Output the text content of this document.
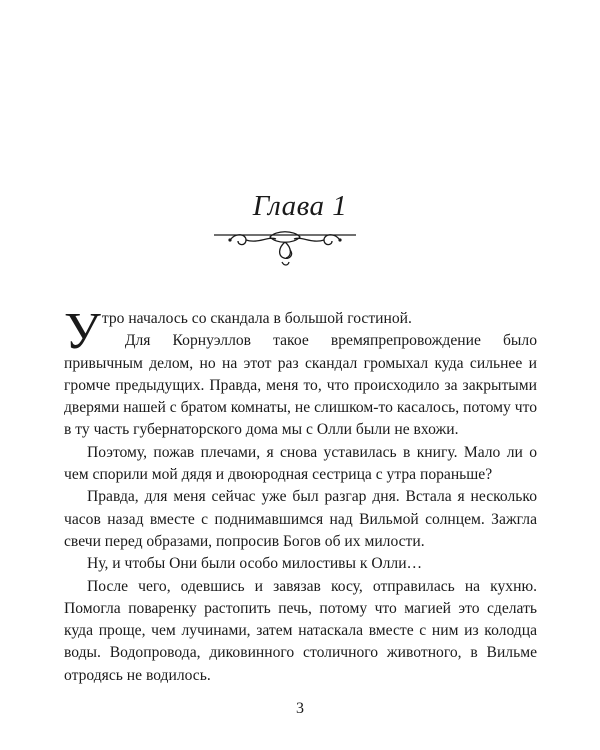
Глава 1

Утро началось со скандала в большой гостиной.

Для Корнуэллов такое времяпрепровождение было привычным делом, но на этот раз скандал громыхал куда сильнее и громче предыдущих. Правда, меня то, что происходило за закрытыми дверями нашей с братом комнаты, не слишком-то касалось, потому что в ту часть губернаторского дома мы с Олли были не вхожи.

Поэтому, пожав плечами, я снова уставилась в книгу. Мало ли о чем спорили мой дядя и двоюродная сестрица с утра пораньше?

Правда, для меня сейчас уже был разгар дня. Встала я несколько часов назад вместе с поднимавшимся над Вильмой солнцем. Зажгла свечи перед образами, попросив Богов об их милости.

Ну, и чтобы Они были особо милостивы к Олли…

После чего, одевшись и завязав косу, отправилась на кухню. Помогла поваренку растопить печь, потому что магией это сделать куда проще, чем лучинами, затем натаскала вместе с ним из колодца воды. Водопровода, диковинного столичного животного, в Вильме отродясь не водилось.

3
